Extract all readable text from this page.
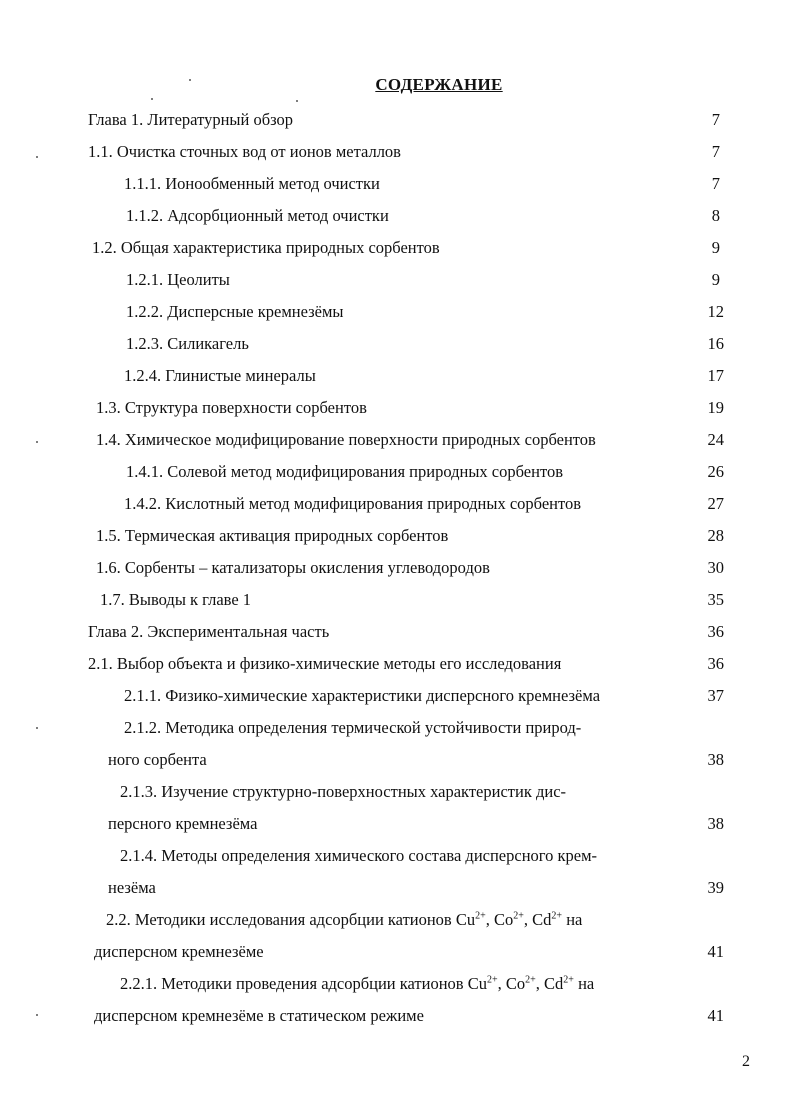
СОДЕРЖАНИЕ
Глава 1. Литературный обзор	7
1.1. Очистка сточных вод от ионов металлов	7
1.1.1. Ионообменный метод очистки	7
1.1.2. Адсорбционный метод очистки	8
1.2. Общая характеристика природных сорбентов	9
1.2.1. Цеолиты	9
1.2.2. Дисперсные кремнезёмы	12
1.2.3. Силикагель	16
1.2.4. Глинистые минералы	17
1.3. Структура поверхности сорбентов	19
1.4. Химическое модифицирование поверхности природных сорбентов	24
1.4.1. Солевой метод модифицирования природных сорбентов	26
1.4.2. Кислотный метод модифицирования природных сорбентов	27
1.5. Термическая активация природных сорбентов	28
1.6. Сорбенты – катализаторы окисления углеводородов	30
1.7. Выводы к главе 1	35
Глава 2. Экспериментальная часть	36
2.1. Выбор объекта и физико-химические методы его исследования	36
2.1.1. Физико-химические характеристики дисперсного кремнезёма	37
2.1.2. Методика определения термической устойчивости природ-
ного сорбента	38
2.1.3. Изучение структурно-поверхностных характеристик дис-
персного кремнезёма	38
2.1.4. Методы определения химического состава дисперсного крем-
незёма	39
2.2. Методики исследования адсорбции катионов $Cu^{2+}$, $Co^{2+}$, $Cd^{2+}$ на
дисперсном кремнезёме	41
2.2.1. Методики проведения адсорбции катионов $Cu^{2+}$, $Co^{2+}$, $Cd^{2+}$ на
дисперсном кремнезёме в статическом режиме	41
2
